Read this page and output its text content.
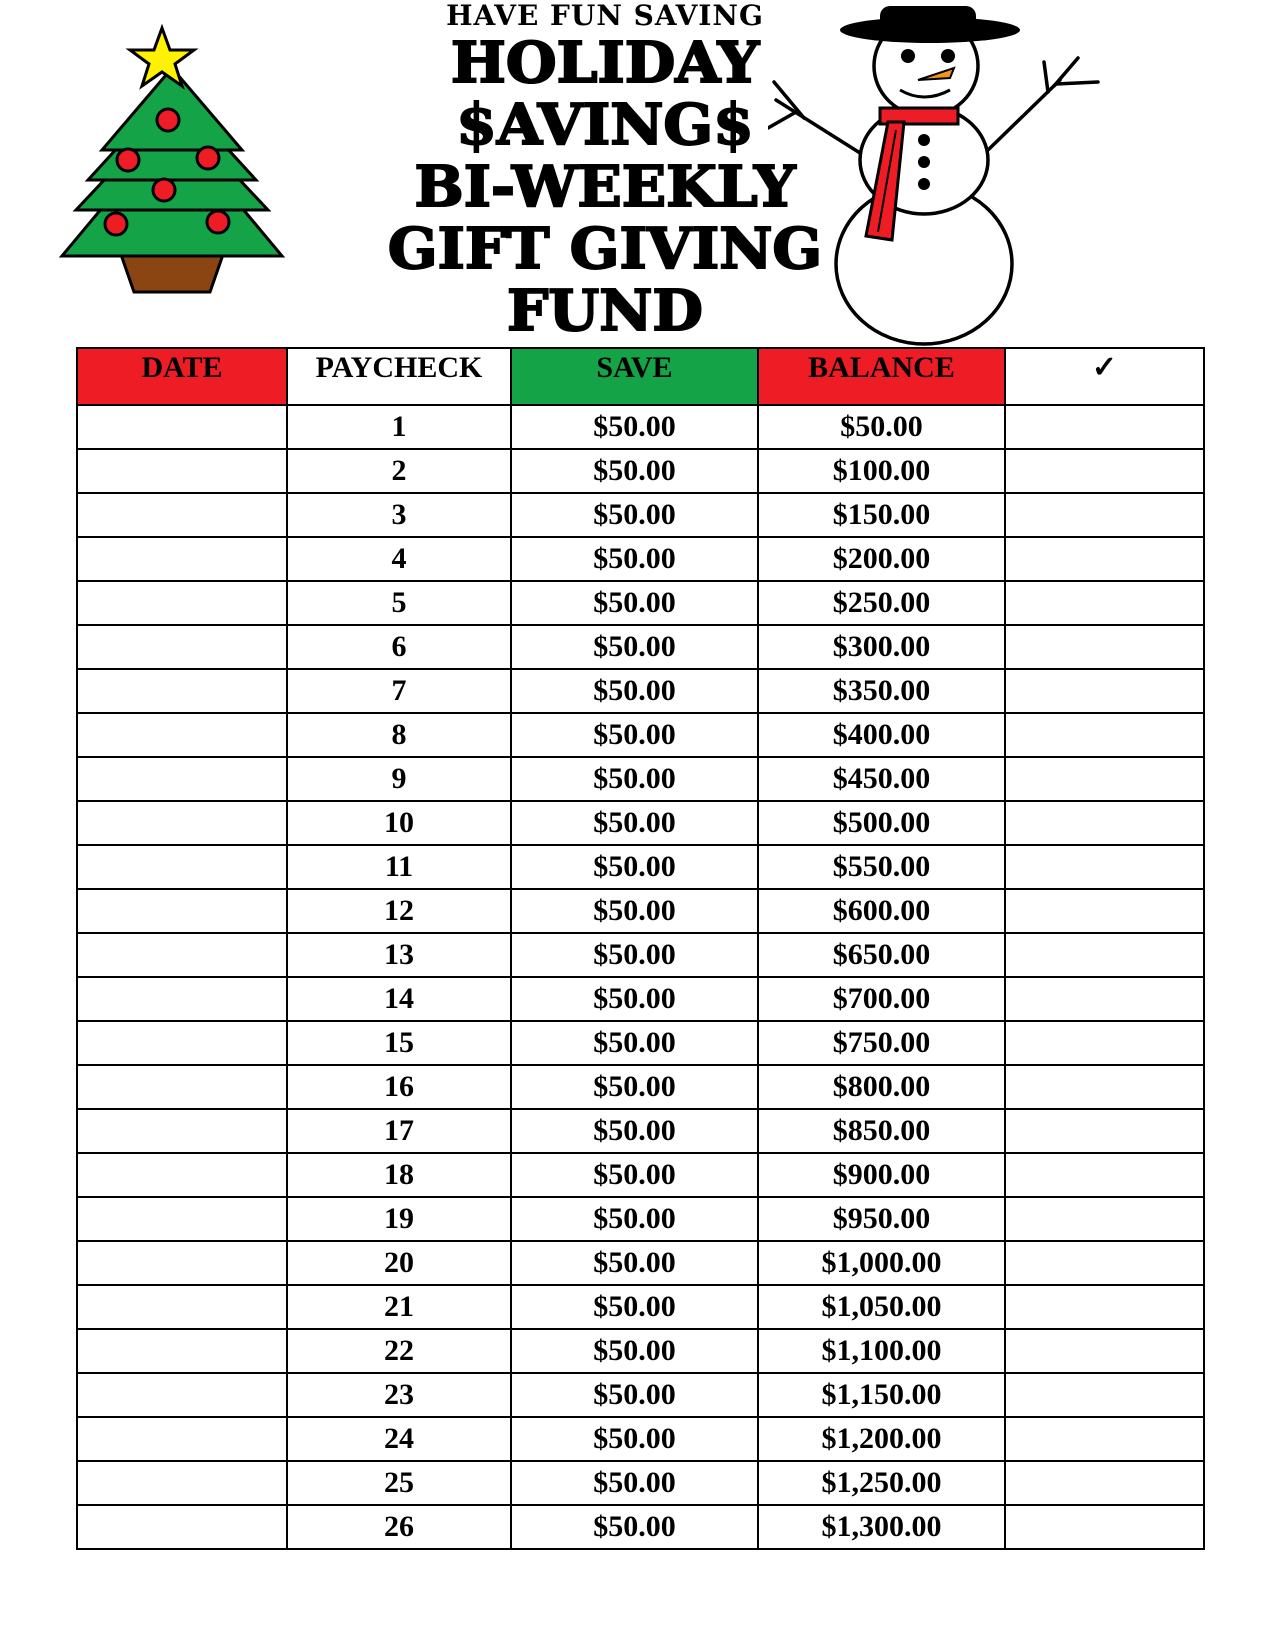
HAVE FUN SAVING
HOLIDAY
$AVING$
BI-WEEKLY
GIFT GIVING
FUND
DATE	PAYCHECK	SAVE	BALANCE	✓
	1	$50.00	$50.00	
	2	$50.00	$100.00	
	3	$50.00	$150.00	
	4	$50.00	$200.00	
	5	$50.00	$250.00	
	6	$50.00	$300.00	
	7	$50.00	$350.00	
	8	$50.00	$400.00	
	9	$50.00	$450.00	
	10	$50.00	$500.00	
	11	$50.00	$550.00	
	12	$50.00	$600.00	
	13	$50.00	$650.00	
	14	$50.00	$700.00	
	15	$50.00	$750.00	
	16	$50.00	$800.00	
	17	$50.00	$850.00	
	18	$50.00	$900.00	
	19	$50.00	$950.00	
	20	$50.00	$1,000.00	
	21	$50.00	$1,050.00	
	22	$50.00	$1,100.00	
	23	$50.00	$1,150.00	
	24	$50.00	$1,200.00	
	25	$50.00	$1,250.00	
	26	$50.00	$1,300.00	
